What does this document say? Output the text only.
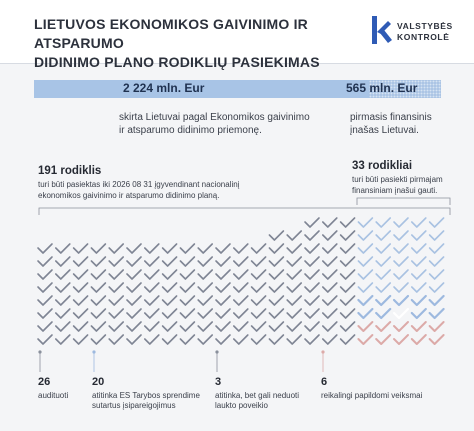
LIETUVOS EKONOMIKOS GAIVINIMO IR ATSPARUMO
DIDINIMO PLANO RODIKLIŲ PASIEKIMAS
VALSTYBĖS
KONTROLĖ
2 224 mln. Eur	565 mln. Eur
skirta Lietuvai pagal Ekonomikos gaivinimo
ir atsparumo didinimo priemonę.
pirmasis finansinis
įnašas Lietuvai.
191 rodiklis
turi būti pasiektas iki 2026 08 31 įgyvendinant nacionalinį
ekonomikos gaivinimo ir atsparumo didinimo planą.
33 rodikliai
turi būti pasiekti pirmajam
finansiniam įnašui gauti.
26
audituoti
20
atitinka ES Tarybos sprendime
sutartus įsipareigojimus
3
atitinka, bet gali neduoti
laukto poveikio
6
reikalingi papildomi veiksmai
